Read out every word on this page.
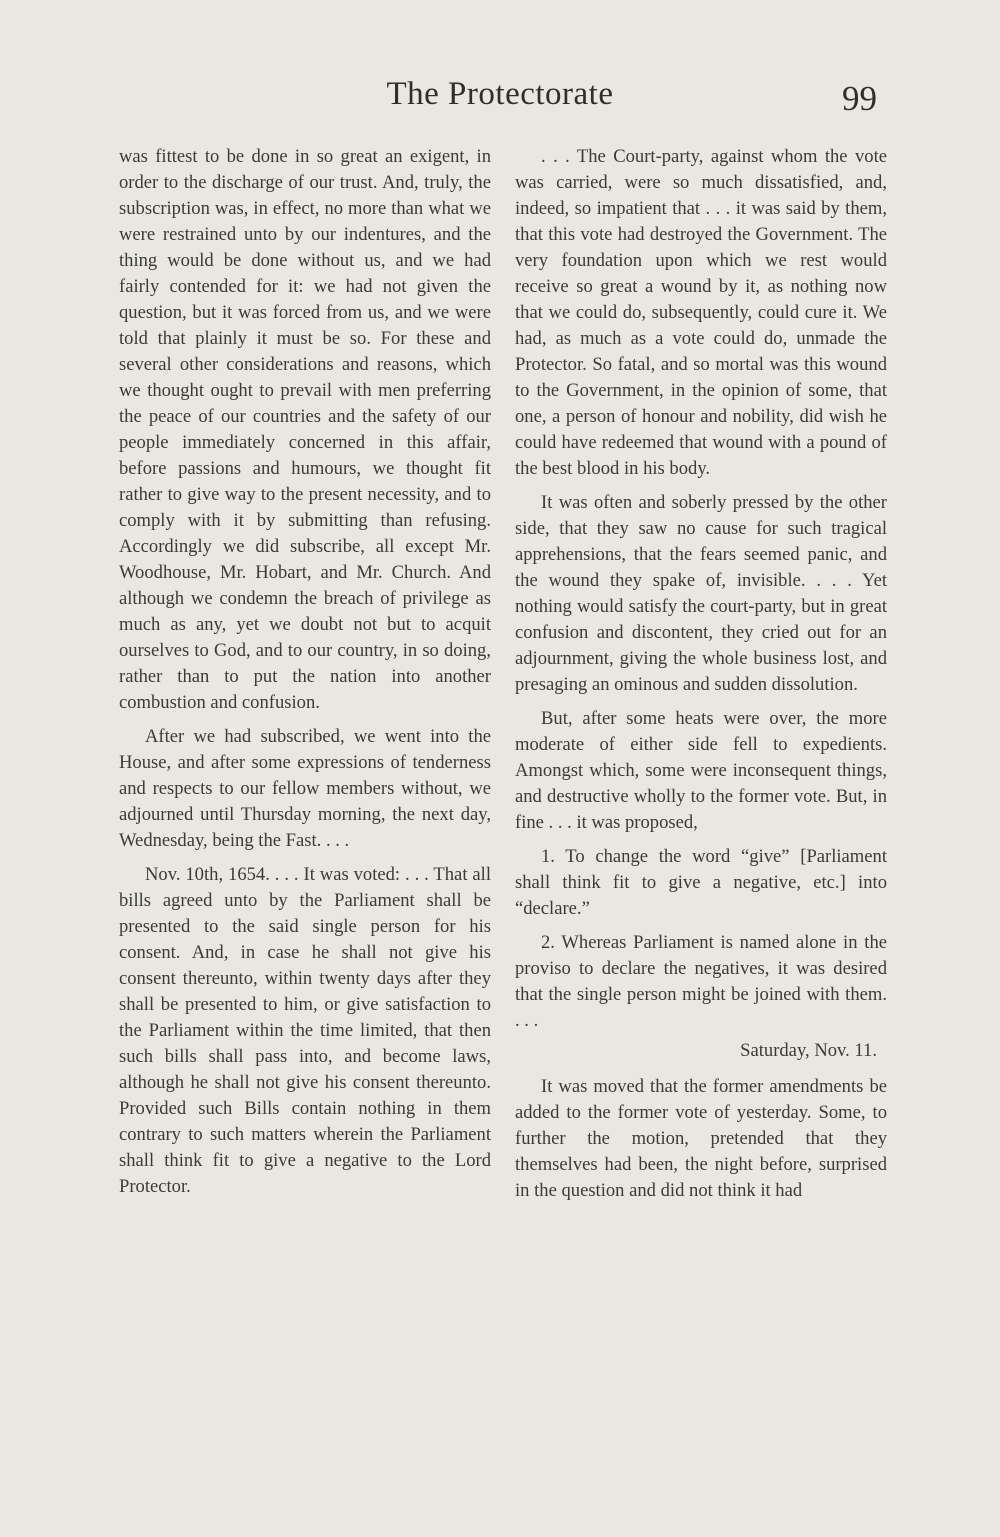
The Protectorate	99

was fittest to be done in so great an exigent, in order to the discharge of our trust. And, truly, the subscription was, in effect, no more than what we were restrained unto by our indentures, and the thing would be done without us, and we had fairly contended for it: we had not given the question, but it was forced from us, and we were told that plainly it must be so. For these and several other considerations and reasons, which we thought ought to prevail with men preferring the peace of our countries and the safety of our people immediately concerned in this affair, before passions and humours, we thought fit rather to give way to the present necessity, and to comply with it by submitting than refusing. Accordingly we did subscribe, all except Mr. Woodhouse, Mr. Hobart, and Mr. Church. And although we condemn the breach of privilege as much as any, yet we doubt not but to acquit ourselves to God, and to our country, in so doing, rather than to put the nation into another combustion and confusion.

After we had subscribed, we went into the House, and after some expressions of tenderness and respects to our fellow members without, we adjourned until Thursday morning, the next day, Wednesday, being the Fast. . . .

Nov. 10th, 1654. . . . It was voted: . . . That all bills agreed unto by the Parliament shall be presented to the said single person for his consent. And, in case he shall not give his consent thereunto, within twenty days after they shall be presented to him, or give satisfaction to the Parliament within the time limited, that then such bills shall pass into, and become laws, although he shall not give his consent thereunto. Provided such Bills contain nothing in them contrary to such matters wherein the Parliament shall think fit to give a negative to the Lord Protector.

. . . The Court-party, against whom the vote was carried, were so much dissatisfied, and, indeed, so impatient that . . . it was said by them, that this vote had destroyed the Government. The very foundation upon which we rest would receive so great a wound by it, as nothing now that we could do, subsequently, could cure it. We had, as much as a vote could do, unmade the Protector. So fatal, and so mortal was this wound to the Government, in the opinion of some, that one, a person of honour and nobility, did wish he could have redeemed that wound with a pound of the best blood in his body.

It was often and soberly pressed by the other side, that they saw no cause for such tragical apprehensions, that the fears seemed panic, and the wound they spake of, invisible. . . . Yet nothing would satisfy the court-party, but in great confusion and discontent, they cried out for an adjournment, giving the whole business lost, and presaging an ominous and sudden dissolution.

But, after some heats were over, the more moderate of either side fell to expedients. Amongst which, some were inconsequent things, and destructive wholly to the former vote. But, in fine . . . it was proposed,

1. To change the word “give” [Parliament shall think fit to give a negative, etc.] into “declare.”

2. Whereas Parliament is named alone in the proviso to declare the negatives, it was desired that the single person might be joined with them. . . .

Saturday, Nov. 11.

It was moved that the former amendments be added to the former vote of yesterday. Some, to further the motion, pretended that they themselves had been, the night before, surprised in the question and did not think it had
